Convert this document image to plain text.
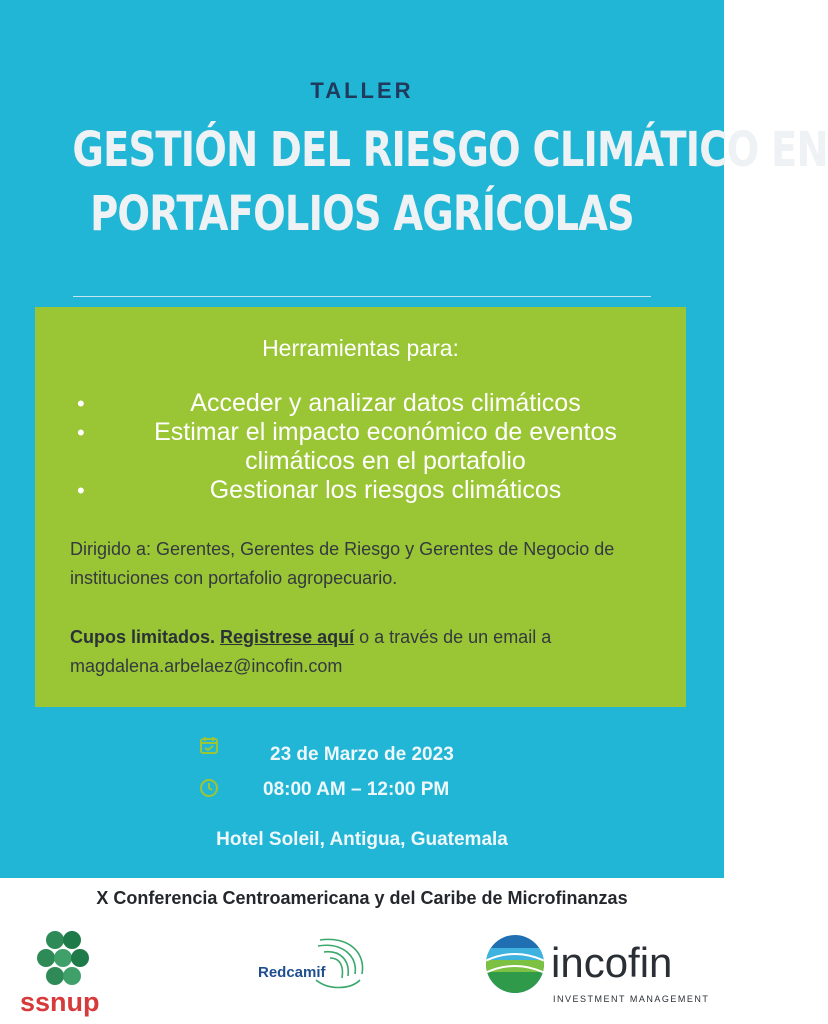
TALLER
GESTIÓN DEL RIESGO CLIMÁTICO EN
PORTAFOLIOS AGRÍCOLAS
Herramientas para:
•	Acceder y analizar datos climáticos
•	Estimar el impacto económico de eventos climáticos en el portafolio
•	Gestionar los riesgos climáticos
Dirigido a: Gerentes, Gerentes de Riesgo y Gerentes de Negocio de instituciones con portafolio agropecuario.
Cupos limitados. Registrese aquí o a través de un email a magdalena.arbelaez@incofin.com
23 de Marzo de 2023
08:00 AM – 12:00 PM
Hotel Soleil, Antigua, Guatemala
X Conferencia Centroamericana y del Caribe de Microfinanzas
ssnup
Redcamif	incofin
INVESTMENT MANAGEMENT
